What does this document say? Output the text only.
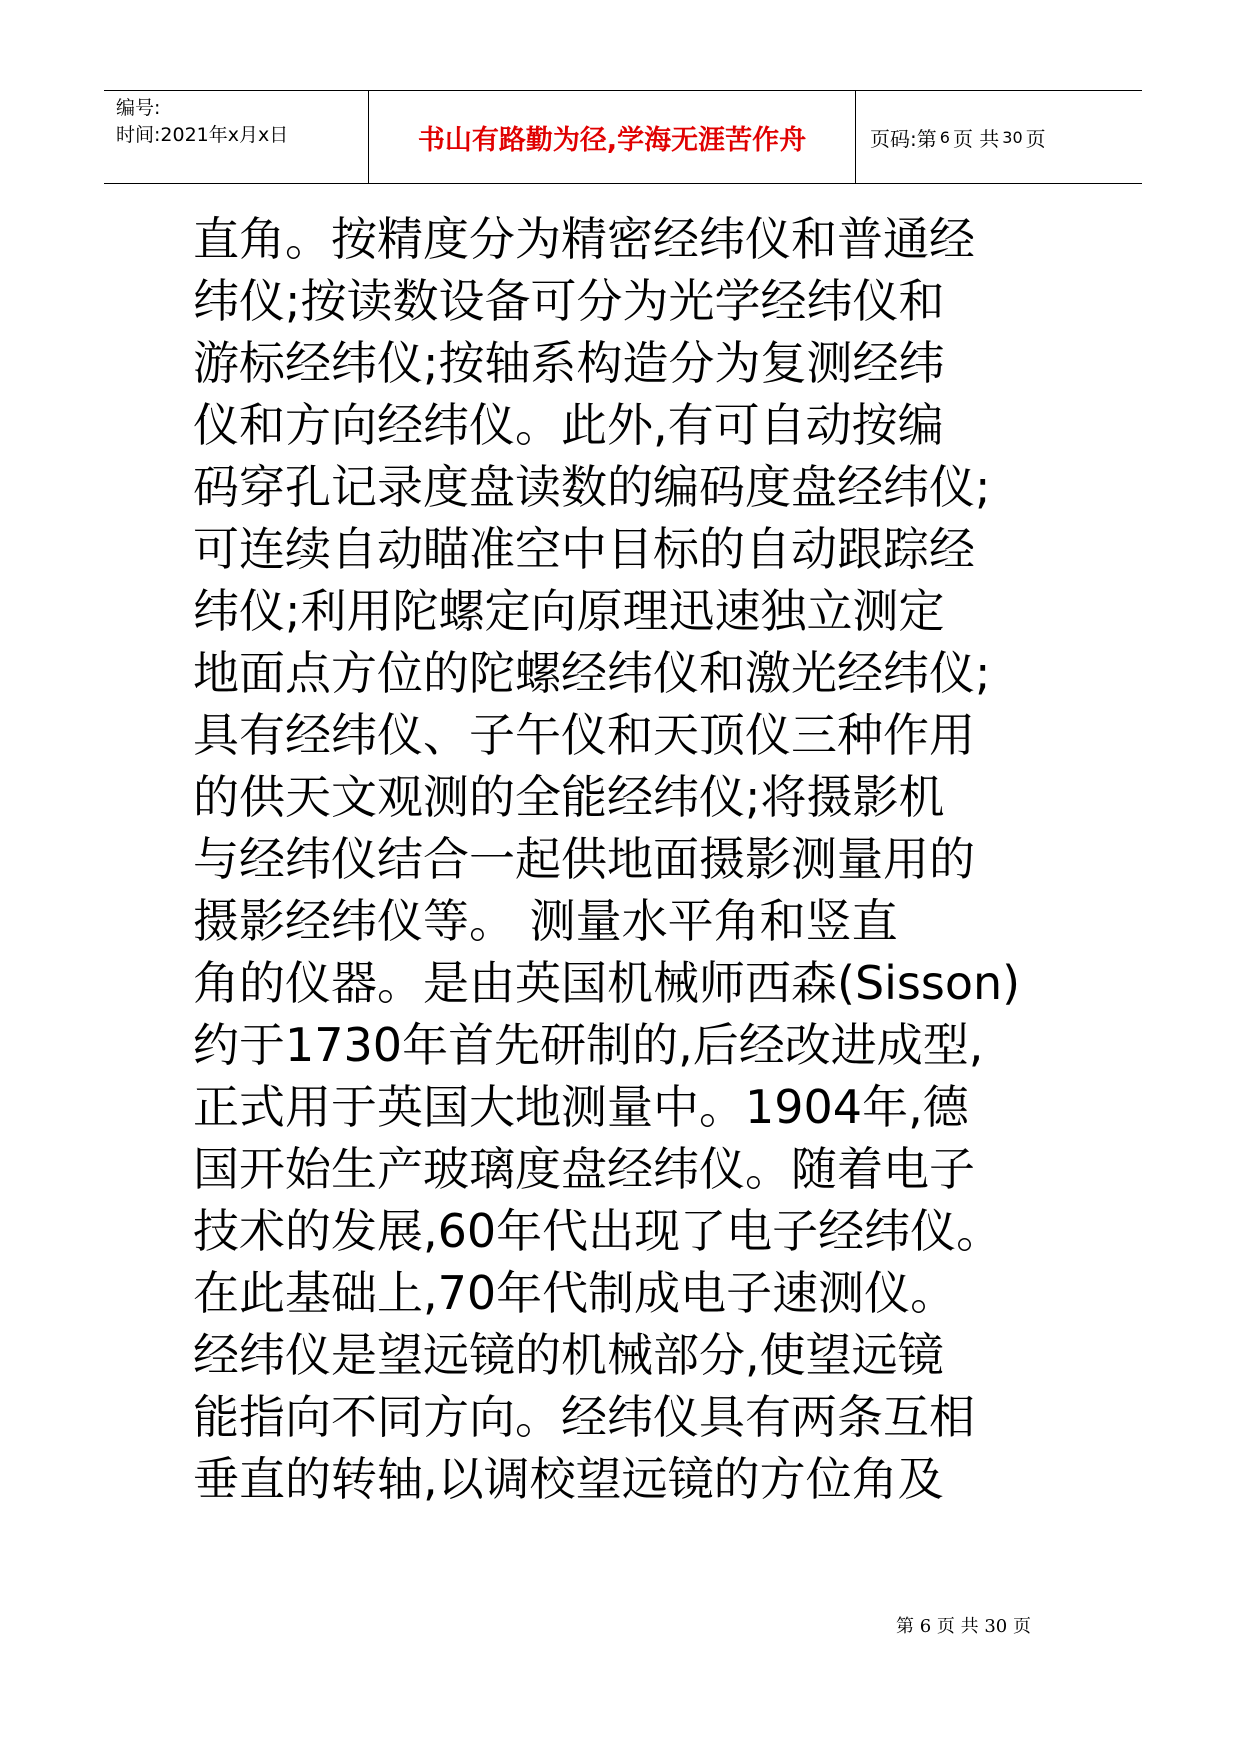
编号:
时间:2021年x月x日	书山有路勤为径,学海无涯苦作舟	页码:第 6 页 共 30 页
直角。按精度分为精密经纬仪和普通经
纬仪;按读数设备可分为光学经纬仪和
游标经纬仪;按轴系构造分为复测经纬
仪和方向经纬仪。此外,有可自动按编
码穿孔记录度盘读数的编码度盘经纬仪;
可连续自动瞄准空中目标的自动跟踪经
纬仪;利用陀螺定向原理迅速独立测定
地面点方位的陀螺经纬仪和激光经纬仪;
具有经纬仪、子午仪和天顶仪三种作用
的供天文观测的全能经纬仪;将摄影机
与经纬仪结合一起供地面摄影测量用的
摄影经纬仪等。 测量水平角和竖直
角的仪器。是由英国机械师西森(Sisson)
约于1730年首先研制的,后经改进成型,
正式用于英国大地测量中。1904年,德
国开始生产玻璃度盘经纬仪。随着电子
技术的发展,60年代出现了电子经纬仪。
在此基础上,70年代制成电子速测仪。
经纬仪是望远镜的机械部分,使望远镜
能指向不同方向。经纬仪具有两条互相
垂直的转轴,以调校望远镜的方位角及
第 6 页 共 30 页
